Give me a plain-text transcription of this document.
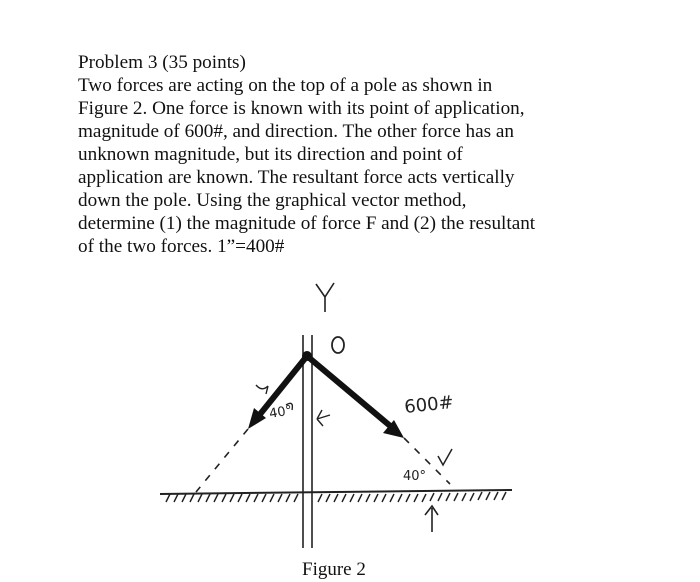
Problem 3 (35 points)
Two forces are acting on the top of a pole as shown in
Figure 2. One force is known with its point of application,
magnitude of 600#, and direction. The other force has an
unknown magnitude, but its direction and point of
application are known. The resultant force acts vertically
down the pole. Using the graphical vector method,
determine (1) the magnitude of force F and (2) the resultant
of the two forces. 1”=400#
Y
O
40°	600#
40°
Figure 2
